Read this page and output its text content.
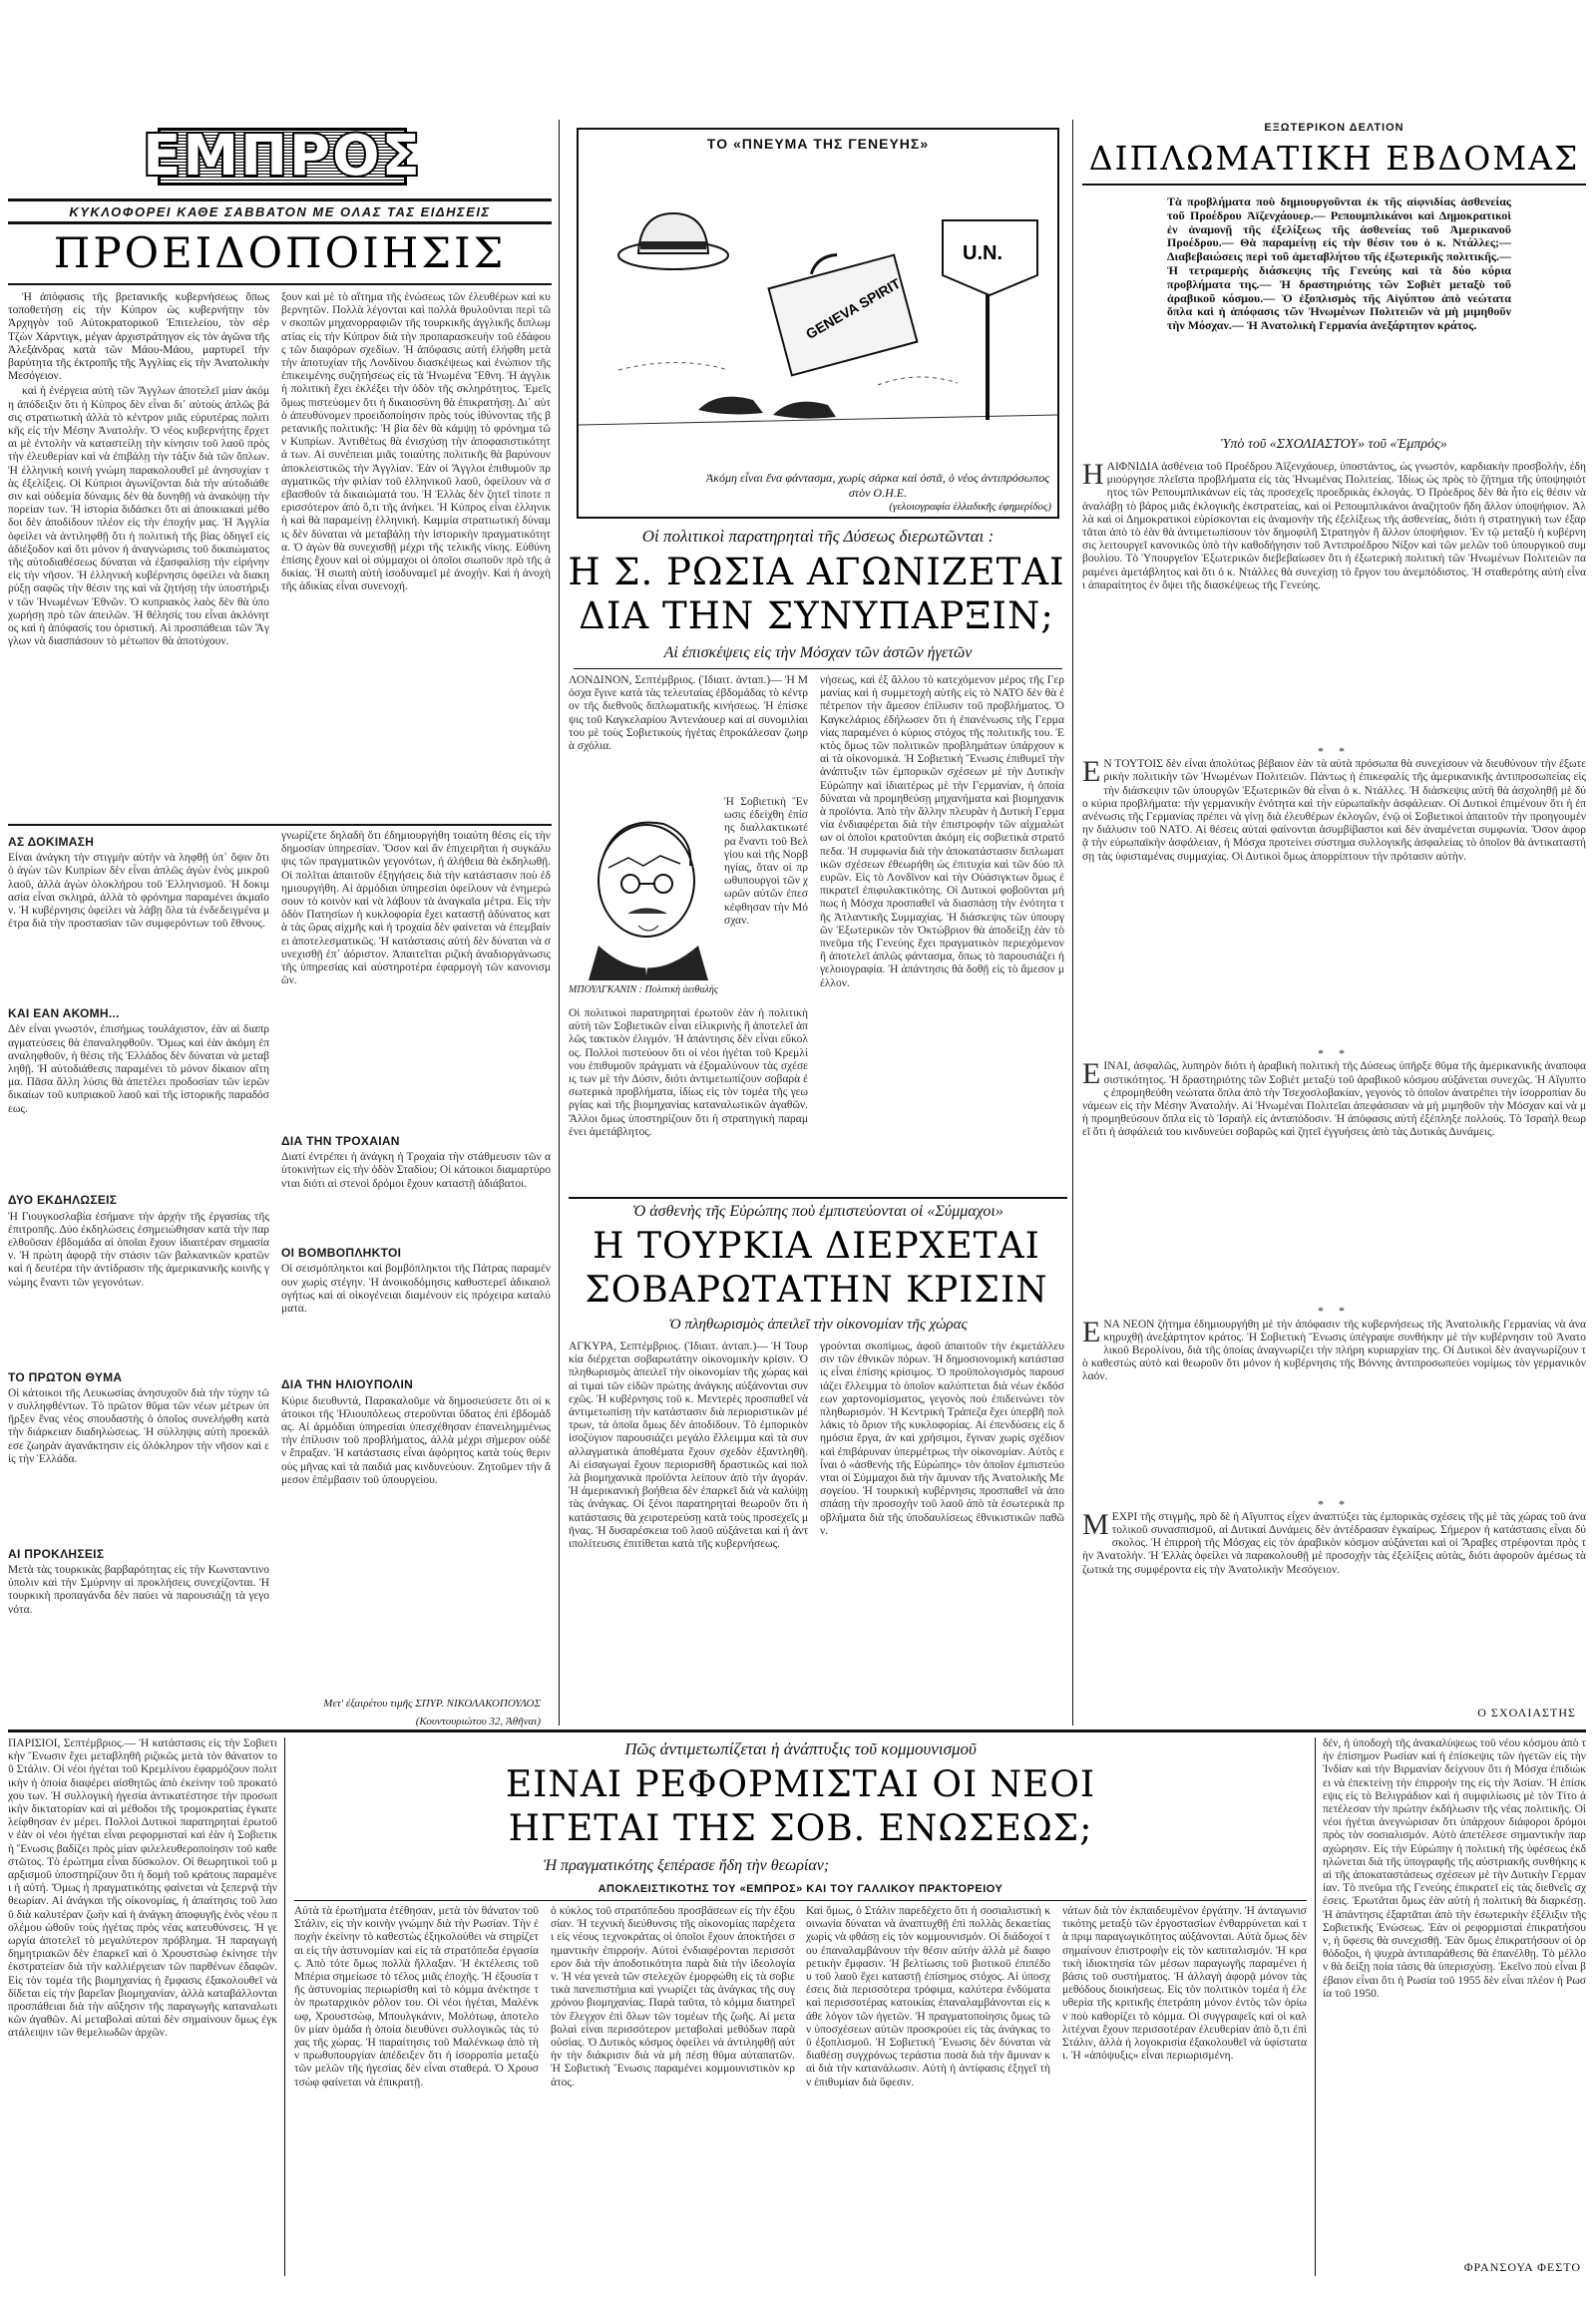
ΕΜΠΡΟΣ
ΚΥΚΛΟΦΟΡΕΙ ΚΑΘΕ ΣΑΒΒΑΤΟΝ ΜΕ ΟΛΑΣ ΤΑΣ ΕΙΔΗΣΕΙΣ
ΠΡΟΕΙΔΟΠΟΙΗΣΙΣ

Ἡ ἀπόφασις τῆς βρετανικῆς κυβερνήσεως ὅπως τοποθετήσῃ εἰς τὴν Κύπρον ὡς κυβερνήτην τὸν Ἀρχηγὸν τοῦ Αὐτοκρατορικοῦ Ἐπιτελείου, τὸν σὲρ Τζὼν Χάρντιγκ, μέγαν ἀρχιστράτηγον εἰς τὸν ἀγῶνα τῆς Ἀλεξάνδρας κατὰ τῶν Μάου-Μάου, μαρτυρεῖ τὴν βαρύτητα τῆς ἐκτροπῆς τῆς Ἀγγλίας εἰς τὴν Ἀνατολικὴν Μεσόγειον.

καὶ ἡ ἐνέργεια αὐτὴ τῶν Ἄγγλων ἀποτελεῖ μίαν ἀκόμη ἀπόδειξιν ὅτι ἡ Κύπρος δὲν εἶναι δι᾽ αὐτοὺς ἁπλῶς βάσις στρατιωτικὴ ἀλλὰ τὸ κέντρον μιᾶς εὐρυτέρας πολιτικῆς εἰς τὴν Μέσην Ἀνατολήν. Ὁ νέος κυβερνήτης ἔρχεται μὲ ἐντολὴν νὰ καταστείλῃ τὴν κίνησιν τοῦ λαοῦ πρὸς τὴν ἐλευθερίαν καὶ νὰ ἐπιβάλῃ τὴν τάξιν διὰ τῶν ὅπλων. Ἡ ἑλληνικὴ κοινὴ γνώμη παρακολουθεῖ μὲ ἀνησυχίαν τὰς ἐξελίξεις. Οἱ Κύπριοι ἀγωνίζονται διὰ τὴν αὐτοδιάθεσιν καὶ οὐδεμία δύναμις δὲν θὰ δυνηθῇ νὰ ἀνακόψῃ τὴν πορείαν των. Ἡ ἱστορία διδάσκει ὅτι αἱ ἀποικιακαὶ μέθοδοι δὲν ἀποδίδουν πλέον εἰς τὴν ἐποχήν μας. Ἡ Ἀγγλία ὀφείλει νὰ ἀντιληφθῇ ὅτι ἡ πολιτικὴ τῆς βίας ὁδηγεῖ εἰς ἀδιέξοδον καὶ ὅτι μόνον ἡ ἀναγνώρισις τοῦ δικαιώματος τῆς αὐτοδιαθέσεως δύναται νὰ ἐξασφαλίσῃ τὴν εἰρήνην εἰς τὴν νῆσον. Ἡ ἑλληνικὴ κυβέρνησις ὀφείλει νὰ διακηρύξῃ σαφῶς τὴν θέσιν της καὶ νὰ ζητήσῃ τὴν ὑποστήριξιν τῶν Ἡνωμένων Ἐθνῶν. Ὁ κυπριακὸς λαὸς δὲν θὰ ὑποχωρήσῃ πρὸ τῶν ἀπειλῶν. Ἡ θέλησίς του εἶναι ἀκλόνητος καὶ ἡ ἀπόφασίς του ὁριστική. Αἱ προσπάθειαι τῶν Ἄγγλων νὰ διασπάσουν τὸ μέτωπον θὰ ἀποτύχουν.
ξουν καὶ μὲ τὸ αἴτημα τῆς ἑνώσεως τῶν ἐλευθέρων καὶ κυβερνητῶν. Πολλὰ λέγονται καὶ πολλὰ θρυλοῦνται περὶ τῶν σκοπῶν μηχανορραφιῶν τῆς τουρκικῆς ἀγγλικῆς διπλωματίας εἰς τὴν Κύπρον διὰ τὴν προπαρασκευὴν τοῦ ἐδάφους τῶν διαφόρων σχεδίων. Ἡ ἀπόφασις αὐτὴ ἐλήφθη μετὰ τὴν ἀποτυχίαν τῆς Λονδίνου διασκέψεως καὶ ἐνώπιον τῆς ἐπικειμένης συζητήσεως εἰς τὰ Ἡνωμένα Ἔθνη. Ἡ ἀγγλικὴ πολιτικὴ ἔχει ἐκλέξει τὴν ὁδὸν τῆς σκληρότητος. Ἐμεῖς ὅμως πιστεύομεν ὅτι ἡ δικαιοσύνη θὰ ἐπικρατήσῃ. Δι᾽ αὐτὸ ἀπευθύνομεν προειδοποίησιν πρὸς τοὺς ἰθύνοντας τῆς βρετανικῆς πολιτικῆς: Ἡ βία δὲν θὰ κάμψῃ τὸ φρόνημα τῶν Κυπρίων. Ἀντιθέτως θὰ ἐνισχύσῃ τὴν ἀποφασιστικότητά των. Αἱ συνέπειαι μιᾶς τοιαύτης πολιτικῆς θὰ βαρύνουν ἀποκλειστικῶς τὴν Ἀγγλίαν. Ἐὰν οἱ Ἄγγλοι ἐπιθυμοῦν πραγματικῶς τὴν φιλίαν τοῦ ἑλληνικοῦ λαοῦ, ὀφείλουν νὰ σεβασθοῦν τὰ δικαιώματά του. Ἡ Ἑλλὰς δὲν ζητεῖ τίποτε περισσότερον ἀπὸ ὅ,τι τῆς ἀνήκει. Ἡ Κύπρος εἶναι ἑλληνικὴ καὶ θὰ παραμείνῃ ἑλληνική. Καμμία στρατιωτικὴ δύναμις δὲν δύναται νὰ μεταβάλῃ τὴν ἱστορικὴν πραγματικότητα. Ὁ ἀγὼν θὰ συνεχισθῇ μέχρι τῆς τελικῆς νίκης. Εὐθύνη ἐπίσης ἔχουν καὶ οἱ σύμμαχοι οἱ ὁποῖοι σιωποῦν πρὸ τῆς ἀδικίας. Ἡ σιωπὴ αὐτὴ ἰσοδυναμεῖ μὲ ἀνοχήν. Καὶ ἡ ἀνοχὴ τῆς ἀδικίας εἶναι συνενοχή.
ΑΣ ΔΟΚΙΜΑΣΗ
Εἶναι ἀνάγκη τὴν στιγμὴν αὐτὴν νὰ ληφθῇ ὑπ᾽ ὄψιν ὅτι ὁ ἀγὼν τῶν Κυπρίων δὲν εἶναι ἁπλῶς ἀγὼν ἑνὸς μικροῦ λαοῦ, ἀλλὰ ἀγὼν ὁλοκλήρου τοῦ Ἑλληνισμοῦ. Ἡ δοκιμασία εἶναι σκληρά, ἀλλὰ τὸ φρόνημα παραμένει ἀκμαῖον. Ἡ κυβέρνησις ὀφείλει νὰ λάβῃ ὅλα τὰ ἐνδεδειγμένα μέτρα διὰ τὴν προστασίαν τῶν συμφερόντων τοῦ ἔθνους.
ΚΑΙ ΕΑΝ ΑΚΟΜΗ...
Δὲν εἶναι γνωστόν, ἐπισήμως τουλάχιστον, ἐὰν αἱ διαπραγματεύσεις θὰ ἐπαναληφθοῦν. Ὅμως καὶ ἐὰν ἀκόμη ἐπαναληφθοῦν, ἡ θέσις τῆς Ἑλλάδος δὲν δύναται νὰ μεταβληθῇ. Ἡ αὐτοδιάθεσις παραμένει τὸ μόνον δίκαιον αἴτημα. Πᾶσα ἄλλη λύσις θὰ ἀπετέλει προδοσίαν τῶν ἱερῶν δικαίων τοῦ κυπριακοῦ λαοῦ καὶ τῆς ἱστορικῆς παραδόσεως.
ΔΥΟ ΕΚΔΗΛΩΣΕΙΣ
Ἡ Γιουγκοσλαβία ἐσήμανε τὴν ἀρχὴν τῆς ἐργασίας τῆς ἐπιτροπῆς. Δύο ἐκδηλώσεις ἐσημειώθησαν κατὰ τὴν παρελθοῦσαν ἑβδομάδα αἱ ὁποῖαι ἔχουν ἰδιαιτέραν σημασίαν. Ἡ πρώτη ἀφορᾷ τὴν στάσιν τῶν βαλκανικῶν κρατῶν καὶ ἡ δευτέρα τὴν ἀντίδρασιν τῆς ἀμερικανικῆς κοινῆς γνώμης ἔναντι τῶν γεγονότων.
ΤΟ ΠΡΩΤΟΝ ΘΥΜΑ
Οἱ κάτοικοι τῆς Λευκωσίας ἀνησυχοῦν διὰ τὴν τύχην τῶν συλληφθέντων. Τὸ πρῶτον θῦμα τῶν νέων μέτρων ὑπῆρξεν ἕνας νέος σπουδαστὴς ὁ ὁποῖος συνελήφθη κατὰ τὴν διάρκειαν διαδηλώσεως. Ἡ σύλληψις αὐτὴ προεκάλεσε ζωηρὰν ἀγανάκτησιν εἰς ὁλόκληρον τὴν νῆσον καὶ εἰς τὴν Ἑλλάδα.
ΑΙ ΠΡΟΚΛΗΣΕΙΣ
Μετὰ τὰς τουρκικὰς βαρβαρότητας εἰς τὴν Κωνσταντινούπολιν καὶ τὴν Σμύρνην αἱ προκλήσεις συνεχίζονται. Ἡ τουρκικὴ προπαγάνδα δὲν παύει νὰ παρουσιάζῃ τὰ γεγονότα.
γνωρίζετε δηλαδὴ ὅτι ἐδημιουργήθη τοιαύτη θέσις εἰς τὴν δημοσίαν ὑπηρεσίαν. Ὅσον καὶ ἂν ἐπιχειρῆται ἡ συγκάλυψις τῶν πραγματικῶν γεγονότων, ἡ ἀλήθεια θὰ ἐκδηλωθῇ. Οἱ πολῖται ἀπαιτοῦν ἐξηγήσεις διὰ τὴν κατάστασιν ποὺ ἐδημιουργήθη. Αἱ ἁρμόδιαι ὑπηρεσίαι ὀφείλουν νὰ ἐνημερώσουν τὸ κοινὸν καὶ νὰ λάβουν τὰ ἀναγκαῖα μέτρα. Εἰς τὴν ὁδὸν Πατησίων ἡ κυκλοφορία ἔχει καταστῇ ἀδύνατος κατὰ τὰς ὥρας αἰχμῆς καὶ ἡ τροχαία δὲν φαίνεται νὰ ἐπεμβαίνει ἀποτελεσματικῶς. Ἡ κατάστασις αὐτὴ δὲν δύναται νὰ συνεχισθῇ ἐπ᾽ ἀόριστον. Ἀπαιτεῖται ριζικὴ ἀναδιοργάνωσις τῆς ὑπηρεσίας καὶ αὐστηροτέρα ἐφαρμογὴ τῶν κανονισμῶν.
ΔΙΑ ΤΗΝ ΤΡΟΧΑΙΑΝ
Διατί ἐντρέπει ἡ ἀνάγκη ἡ Τροχαία τὴν στάθμευσιν τῶν αὐτοκινήτων εἰς τὴν ὁδὸν Σταδίου; Οἱ κάτοικοι διαμαρτύρονται διότι αἱ στενοὶ δρόμοι ἔχουν καταστῇ ἀδιάβατοι.
ΟΙ ΒΟΜΒΟΠΛΗΚΤΟΙ
Οἱ σεισμόπληκτοι καὶ βομβόπληκτοι τῆς Πάτρας παραμένουν χωρὶς στέγην. Ἡ ἀνοικοδόμησις καθυστερεῖ ἀδικαιολογήτως καὶ αἱ οἰκογένειαι διαμένουν εἰς πρόχειρα καταλύματα.
ΔΙΑ ΤΗΝ ΗΛΙΟΥΠΟΛΙΝ
Κύριε διευθυντά, Παρακαλοῦμε νὰ δημοσιεύσετε ὅτι οἱ κάτοικοι τῆς Ἡλιουπόλεως στεροῦνται ὕδατος ἐπὶ ἑβδομάδας. Αἱ ἁρμόδιαι ὑπηρεσίαι ὑπεσχέθησαν ἐπανειλημμένως τὴν ἐπίλυσιν τοῦ προβλήματος, ἀλλὰ μέχρι σήμερον οὐδὲν ἔπραξαν. Ἡ κατάστασις εἶναι ἀφόρητος κατὰ τοὺς θερινοὺς μῆνας καὶ τὰ παιδιά μας κινδυνεύουν. Ζητοῦμεν τὴν ἄμεσον ἐπέμβασιν τοῦ ὑπουργείου.
Μετ' ἐξαιρέτου τιμῆς ΣΠΥΡ. ΝΙΚΟΛΑΚΟΠΟΥΛΟΣ
(Κουντουριώτου 32, Ἀθῆναι)
ΤΟ «ΠΝΕΥΜΑ ΤΗΣ ΓΕΝΕΥΗΣ»
GENEVA SPIRIT
U.N.
Ἀκόμη εἶναι ἕνα φάντασμα, χωρὶς σάρκα καὶ ὀστᾶ, ὁ νέος ἀντιπρόσωπος στὸν Ο.Η.Ε.
(γελοιογραφία ἑλλαδικῆς ἐφημερίδος)
Οἱ πολιτικοὶ παρατηρηταὶ τῆς Δύσεως διερωτῶνται :
Η Σ. ΡΩΣΙΑ ΑΓΩΝΙΖΕΤΑΙ
ΔΙΑ ΤΗΝ ΣΥΝΥΠΑΡΞΙΝ;
Αἱ ἐπισκέψεις εἰς τὴν Μόσχαν τῶν ἀστῶν ἡγετῶν
ΛΟΝΔΙΝΟΝ, Σεπτέμβριος. (Ἰδιαιτ. ἀνταπ.)— Ἡ Μόσχα ἔγινε κατὰ τὰς τελευταίας ἑβδομάδας τὸ κέντρον τῆς διεθνοῦς διπλωματικῆς κινήσεως. Ἡ ἐπίσκεψις τοῦ Καγκελαρίου Ἀντενάουερ καὶ αἱ συνομιλίαι του μὲ τοὺς Σοβιετικοὺς ἡγέτας ἐπροκάλεσαν ζωηρὰ σχόλια.
ΜΠΟΥΛΓΚΑΝΙΝ : Πολιτικὴ ἀειθαλὴς
Ἡ Σοβιετικὴ Ἕνωσις ἐδείχθη ἐπίσης διαλλακτικωτέρα ἔναντι τοῦ Βελγίου καὶ τῆς Νορβηγίας, ὅταν οἱ πρωθυπουργοὶ τῶν χωρῶν αὐτῶν ἐπεσκέφθησαν τὴν Μόσχαν.
Οἱ πολιτικοὶ παρατηρηταὶ ἐρωτοῦν ἐὰν ἡ πολιτικὴ αὐτὴ τῶν Σοβιετικῶν εἶναι εἰλικρινὴς ἢ ἀποτελεῖ ἁπλῶς τακτικὸν ἐλιγμόν. Ἡ ἀπάντησις δὲν εἶναι εὔκολος. Πολλοὶ πιστεύουν ὅτι οἱ νέοι ἡγέται τοῦ Κρεμλίνου ἐπιθυμοῦν πράγματι νὰ ἐξομαλύνουν τὰς σχέσεις των μὲ τὴν Δύσιν, διότι ἀντιμετωπίζουν σοβαρὰ ἐσωτερικὰ προβλήματα, ἰδίως εἰς τὸν τομέα τῆς γεωργίας καὶ τῆς βιομηχανίας καταναλωτικῶν ἀγαθῶν. Ἄλλοι ὅμως ὑποστηρίζουν ὅτι ἡ στρατηγικὴ παραμένει ἀμετάβλητος.
νήσεως, καὶ ἐξ ἄλλου τὸ κατεχόμενον μέρος τῆς Γερμανίας καὶ ἡ συμμετοχὴ αὐτῆς εἰς τὸ ΝΑΤΟ δὲν θὰ ἐπέτρεπον τὴν ἄμεσον ἐπίλυσιν τοῦ προβλήματος. Ὁ Καγκελάριος ἐδήλωσεν ὅτι ἡ ἐπανένωσις τῆς Γερμανίας παραμένει ὁ κύριος στόχος τῆς πολιτικῆς του. Ἐκτὸς ὅμως τῶν πολιτικῶν προβλημάτων ὑπάρχουν καὶ τὰ οἰκονομικά. Ἡ Σοβιετικὴ Ἕνωσις ἐπιθυμεῖ τὴν ἀνάπτυξιν τῶν ἐμπορικῶν σχέσεων μὲ τὴν Δυτικὴν Εὐρώπην καὶ ἰδιαιτέρως μὲ τὴν Γερμανίαν, ἡ ὁποία δύναται νὰ προμηθεύσῃ μηχανήματα καὶ βιομηχανικὰ προϊόντα. Ἀπὸ τὴν ἄλλην πλευρὰν ἡ Δυτικὴ Γερμανία ἐνδιαφέρεται διὰ τὴν ἐπιστροφὴν τῶν αἰχμαλώτων οἱ ὁποῖοι κρατοῦνται ἀκόμη εἰς σοβιετικὰ στρατόπεδα. Ἡ συμφωνία διὰ τὴν ἀποκατάστασιν διπλωματικῶν σχέσεων ἐθεωρήθη ὡς ἐπιτυχία καὶ τῶν δύο πλευρῶν. Εἰς τὸ Λονδῖνον καὶ τὴν Οὐάσιγκτων ὅμως ἐπικρατεῖ ἐπιφυλακτικότης. Οἱ Δυτικοὶ φοβοῦνται μήπως ἡ Μόσχα προσπαθεῖ νὰ διασπάσῃ τὴν ἑνότητα τῆς Ἀτλαντικῆς Συμμαχίας. Ἡ διάσκεψις τῶν ὑπουργῶν Ἐξωτερικῶν τὸν Ὀκτώβριον θὰ ἀποδείξῃ ἐὰν τὸ πνεῦμα τῆς Γενεύης ἔχει πραγματικὸν περιεχόμενον ἢ ἀποτελεῖ ἁπλῶς φάντασμα, ὅπως τὸ παρουσιάζει ἡ γελοιογραφία. Ἡ ἀπάντησις θὰ δοθῇ εἰς τὸ ἄμεσον μέλλον.
Ὁ ἀσθενὴς τῆς Εὐρώπης ποὺ ἐμπιστεύονται οἱ «Σύμμαχοι»
Η ΤΟΥΡΚΙΑ ΔΙΕΡΧΕΤΑΙ
ΣΟΒΑΡΩΤΑΤΗΝ ΚΡΙΣΙΝ
Ὁ πληθωρισμὸς ἀπειλεῖ τὴν οἰκονομίαν τῆς χώρας
ΑΓΚΥΡΑ, Σεπτέμβριος. (Ἰδιαιτ. ἀνταπ.)— Ἡ Τουρκία διέρχεται σοβαρωτάτην οἰκονομικὴν κρίσιν. Ὁ πληθωρισμὸς ἀπειλεῖ τὴν οἰκονομίαν τῆς χώρας καὶ αἱ τιμαὶ τῶν εἰδῶν πρώτης ἀνάγκης αὐξάνονται συνεχῶς. Ἡ κυβέρνησις τοῦ κ. Μεντερὲς προσπαθεῖ νὰ ἀντιμετωπίσῃ τὴν κατάστασιν διὰ περιοριστικῶν μέτρων, τὰ ὁποῖα ὅμως δὲν ἀποδίδουν. Τὸ ἐμπορικὸν ἰσοζύγιον παρουσιάζει μεγάλο ἔλλειμμα καὶ τὰ συναλλαγματικὰ ἀποθέματα ἔχουν σχεδὸν ἐξαντληθῆ. Αἱ εἰσαγωγαὶ ἔχουν περιορισθῆ δραστικῶς καὶ πολλὰ βιομηχανικὰ προϊόντα λείπουν ἀπὸ τὴν ἀγοράν. Ἡ ἀμερικανικὴ βοήθεια δὲν ἐπαρκεῖ διὰ νὰ καλύψῃ τὰς ἀνάγκας. Οἱ ξένοι παρατηρηταὶ θεωροῦν ὅτι ἡ κατάστασις θὰ χειροτερεύσῃ κατὰ τοὺς προσεχεῖς μῆνας. Ἡ δυσαρέσκεια τοῦ λαοῦ αὐξάνεται καὶ ἡ ἀντιπολίτευσις ἐπιτίθεται κατὰ τῆς κυβερνήσεως.
γρούνται σκοπίμως, ἀφοῦ ἀπαιτοῦν τὴν ἐκμετάλλευσιν τῶν ἐθνικῶν πόρων. Ἡ δημοσιονομικὴ κατάστασις εἶναι ἐπίσης κρίσιμος. Ὁ προϋπολογισμὸς παρουσιάζει ἔλλειμμα τὸ ὁποῖον καλύπτεται διὰ νέων ἐκδόσεων χαρτονομίσματος, γεγονὸς ποὺ ἐπιδεινώνει τὸν πληθωρισμόν. Ἡ Κεντρικὴ Τράπεζα ἔχει ὑπερβῆ πολλάκις τὸ ὅριον τῆς κυκλοφορίας. Αἱ ἐπενδύσεις εἰς δημόσια ἔργα, ἀν καὶ χρήσιμοι, ἔγιναν χωρὶς σχέδιον καὶ ἐπιβάρυναν ὑπερμέτρως τὴν οἰκονομίαν. Αὐτὸς εἶναι ὁ «ἀσθενὴς τῆς Εὐρώπης» τὸν ὁποῖον ἐμπιστεύονται οἱ Σύμμαχοι διὰ τὴν ἄμυναν τῆς Ἀνατολικῆς Μεσογείου. Ἡ τουρκικὴ κυβέρνησις προσπαθεῖ νὰ ἀποσπάσῃ τὴν προσοχὴν τοῦ λαοῦ ἀπὸ τὰ ἐσωτερικὰ προβλήματα διὰ τῆς ὑποδαυλίσεως ἐθνικιστικῶν παθῶν.
ΕΞΩΤΕΡΙΚΟΝ ΔΕΛΤΙΟΝ
ΔΙΠΛΩΜΑΤΙΚΗ ΕΒΔΟΜΑΣ
Τὰ προβλήματα ποὺ δημιουργοῦνται ἐκ τῆς αἰφνιδίας ἀσθενείας τοῦ Προέδρου Ἀϊζενχάουερ.— Ρεπουμπλικάνοι καὶ Δημοκρατικοὶ ἐν ἀναμονῇ τῆς ἐξελίξεως τῆς ἀσθενείας τοῦ Ἀμερικανοῦ Προέδρου.— Θὰ παραμείνῃ εἰς τὴν θέσιν του ὁ κ. Ντάλλες;— Διαβεβαιώσεις περὶ τοῦ ἀμεταβλήτου τῆς ἐξωτερικῆς πολιτικῆς.— Ἡ τετραμερὴς διάσκεψις τῆς Γενεύης καὶ τὰ δύο κύρια προβλήματα της.— Ἡ δραστηριότης τῶν Σοβιὲτ μεταξὺ τοῦ ἀραβικοῦ κόσμου.— Ὁ ἐξοπλισμὸς τῆς Αἰγύπτου ἀπὸ νεώτατα ὅπλα καὶ ἡ ἀπόφασις τῶν Ἡνωμένων Πολιτειῶν νὰ μὴ μιμηθοῦν τὴν Μόσχαν.— Ἡ Ἀνατολικὴ Γερμανία ἀνεξάρτητον κράτος.
Ὑπὸ τοῦ «ΣΧΟΛΙΑΣΤΟΥ» τοῦ «Ἐμπρός»
Η ΑΙΦΝΙΔΙΑ ἀσθένεια τοῦ Προέδρου Ἀϊζενχάουερ, ὑποστάντος, ὡς γνωστόν, καρδιακὴν προσβολήν, ἐδημιούργησε πλεῖστα προβλήματα εἰς τὰς Ἡνωμένας Πολιτείας. Ἰδίως ὡς πρὸς τὸ ζήτημα τῆς ὑποψηφιότητος τῶν Ρεπουμπλικάνων εἰς τὰς προσεχεῖς προεδρικὰς ἐκλογάς. Ὁ Πρόεδρος δὲν θὰ ἦτο εἰς θέσιν νὰ ἀναλάβῃ τὸ βάρος μιᾶς ἐκλογικῆς ἐκστρατείας, καὶ οἱ Ρεπουμπλικάνοι ἀναζητοῦν ἤδη ἄλλον ὑποψήφιον. Ἀλλὰ καὶ οἱ Δημοκρατικοὶ εὑρίσκονται εἰς ἀναμονὴν τῆς ἐξελίξεως τῆς ἀσθενείας, διότι ἡ στρατηγική των ἐξαρτᾶται ἀπὸ τὸ ἐὰν θὰ ἀντιμετωπίσουν τὸν δημοφιλῆ Στρατηγὸν ἢ ἄλλον ὑποψήφιον. Ἐν τῷ μεταξὺ ἡ κυβέρνησις λειτουργεῖ κανονικῶς ὑπὸ τὴν καθοδήγησιν τοῦ Ἀντιπροέδρου Νίξον καὶ τῶν μελῶν τοῦ ὑπουργικοῦ συμβουλίου. Τὸ Ὑπουργεῖον Ἐξωτερικῶν διεβεβαίωσεν ὅτι ἡ ἐξωτερικὴ πολιτικὴ τῶν Ἡνωμένων Πολιτειῶν παραμένει ἀμετάβλητος καὶ ὅτι ὁ κ. Ντάλλες θὰ συνεχίσῃ τὸ ἔργον του ἀνεμπόδιστος. Ἡ σταθερότης αὐτὴ εἶναι ἀπαραίτητος ἐν ὄψει τῆς διασκέψεως τῆς Γενεύης.
* *
Ε Ν ΤΟΥΤΟΙΣ δὲν εἶναι ἀπολύτως βέβαιον ἐὰν τὰ αὐτὰ πρόσωπα θὰ συνεχίσουν νὰ διευθύνουν τὴν ἐξωτερικὴν πολιτικὴν τῶν Ἡνωμένων Πολιτειῶν. Πάντως ἡ ἐπικεφαλίς τῆς ἀμερικανικῆς ἀντιπροσωπείας εἰς τὴν διάσκεψιν τῶν ὑπουργῶν Ἐξωτερικῶν θὰ εἶναι ὁ κ. Ντάλλες. Ἡ διάσκεψις αὐτὴ θὰ ἀσχοληθῇ μὲ δύο κύρια προβλήματα: τὴν γερμανικὴν ἑνότητα καὶ τὴν εὐρωπαϊκὴν ἀσφάλειαν. Οἱ Δυτικοὶ ἐπιμένουν ὅτι ἡ ἐπανένωσις τῆς Γερμανίας πρέπει νὰ γίνῃ διὰ ἐλευθέρων ἐκλογῶν, ἐνῷ οἱ Σοβιετικοὶ ἀπαιτοῦν τὴν προηγουμένην διάλυσιν τοῦ ΝΑΤΟ. Αἱ θέσεις αὐταὶ φαίνονται ἀσυμβίβαστοι καὶ δὲν ἀναμένεται συμφωνία. Ὅσον ἀφορᾷ τὴν εὐρωπαϊκὴν ἀσφάλειαν, ἡ Μόσχα προτείνει σύστημα συλλογικῆς ἀσφαλείας τὸ ὁποῖον θὰ ἀντικαταστήσῃ τὰς ὑφισταμένας συμμαχίας. Οἱ Δυτικοὶ ὅμως ἀπορρίπτουν τὴν πρότασιν αὐτὴν.
* *
ΕΙΝΑΙ, ἀσφαλῶς, λυπηρὸν διότι ἡ ἀραβικὴ πολιτικὴ τῆς Δύσεως ὑπῆρξε θῦμα τῆς ἀμερικανικῆς ἀναποφασιστικότητος. Ἡ δραστηριότης τῶν Σοβιὲτ μεταξὺ τοῦ ἀραβικοῦ κόσμου αὐξάνεται συνεχῶς. Ἡ Αἴγυπτος ἐπρομηθεύθη νεώτατα ὅπλα ἀπὸ τὴν Τσεχοσλοβακίαν, γεγονὸς τὸ ὁποῖον ἀνατρέπει τὴν ἰσορροπίαν δυνάμεων εἰς τὴν Μέσην Ἀνατολήν. Αἱ Ἡνωμέναι Πολιτεῖαι ἀπεφάσισαν νὰ μὴ μιμηθοῦν τὴν Μόσχαν καὶ νὰ μὴ προμηθεύσουν ὅπλα εἰς τὸ Ἰσραὴλ εἰς ἀνταπόδοσιν. Ἡ ἀπόφασις αὐτὴ ἐξέπληξε πολλούς. Τὸ Ἰσραὴλ θεωρεῖ ὅτι ἡ ἀσφάλειά του κινδυνεύει σοβαρῶς καὶ ζητεῖ ἐγγυήσεις ἀπὸ τὰς Δυτικὰς Δυνάμεις.
* *
ΕΝΑ ΝΕΟΝ ζήτημα ἐδημιουργήθη μὲ τὴν ἀπόφασιν τῆς κυβερνήσεως τῆς Ἀνατολικῆς Γερμανίας νὰ ἀνακηρυχθῇ ἀνεξάρτητον κράτος. Ἡ Σοβιετικὴ Ἕνωσις ὑπέγραψε συνθήκην μὲ τὴν κυβέρνησιν τοῦ Ἀνατολικοῦ Βερολίνου, διὰ τῆς ὁποίας ἀναγνωρίζει τὴν πλήρη κυριαρχίαν της. Οἱ Δυτικοὶ δὲν ἀναγνωρίζουν τὸ καθεστὼς αὐτὸ καὶ θεωροῦν ὅτι μόνον ἡ κυβέρνησις τῆς Βόννης ἀντιπροσωπεύει νομίμως τὸν γερμανικὸν λαόν.
* *
ΜΕΧΡΙ τῆς στιγμῆς, πρὸ δὲ ἡ Αἴγυπτος εἶχεν ἀναπτύξει τὰς ἐμπορικὰς σχέσεις τῆς μὲ τὰς χώρας τοῦ ἀνατολικοῦ συνασπισμοῦ, αἱ Δυτικαὶ Δυνάμεις δὲν ἀντέδρασαν ἐγκαίρως. Σήμερον ἡ κατάστασις εἶναι δύσκολος. Ἡ ἐπιρροὴ τῆς Μόσχας εἰς τὸν ἀραβικὸν κόσμον αὐξάνεται καὶ οἱ Ἄραβες στρέφονται πρὸς τὴν Ἀνατολήν. Ἡ Ἑλλὰς ὀφείλει νὰ παρακολουθῇ μὲ προσοχὴν τὰς ἐξελίξεις αὐτὰς, διότι ἀφοροῦν ἀμέσως τὰ ζωτικά της συμφέροντα εἰς τὴν Ἀνατολικὴν Μεσόγειον.
Ο ΣΧΟΛΙΑΣΤΗΣ
ΠΑΡΙΣΙΟΙ, Σεπτέμβριος.— Ἡ κατάστασις εἰς τὴν Σοβιετικὴν Ἕνωσιν ἔχει μεταβληθῆ ριζικῶς μετὰ τὸν θάνατον τοῦ Στάλιν. Οἱ νέοι ἡγέται τοῦ Κρεμλίνου ἐφαρμόζουν πολιτικὴν ἡ ὁποία διαφέρει αἰσθητῶς ἀπὸ ἐκείνην τοῦ προκατόχου των. Ἡ συλλογικὴ ἡγεσία ἀντικατέστησε τὴν προσωπικὴν δικτατορίαν καὶ αἱ μέθοδοι τῆς τρομοκρατίας ἐγκατελείφθησαν ἐν μέρει. Πολλοὶ Δυτικοὶ παρατηρηταὶ ἐρωτοῦν ἐὰν οἱ νέοι ἡγέται εἶναι ρεφορμισταὶ καὶ ἐὰν ἡ Σοβιετικὴ Ἕνωσις βαδίζει πρὸς μίαν φιλελευθεροποίησιν τοῦ καθεστῶτος. Τὸ ἐρώτημα εἶναι δύσκολον. Οἱ θεωρητικοὶ τοῦ μαρξισμοῦ ὑποστηρίζουν ὅτι ἡ δομὴ τοῦ κράτους παραμένει ἡ αὐτή. Ὅμως ἡ πραγματικότης φαίνεται νὰ ξεπερνᾷ τὴν θεωρίαν. Αἱ ἀνάγκαι τῆς οἰκονομίας, ἡ ἀπαίτησις τοῦ λαοῦ διὰ καλυτέραν ζωὴν καὶ ἡ ἀνάγκη ἀποφυγῆς ἑνὸς νέου πολέμου ὠθοῦν τοὺς ἡγέτας πρὸς νέας κατευθύνσεις. Ἡ γεωργία ἀποτελεῖ τὸ μεγαλύτερον πρόβλημα. Ἡ παραγωγὴ δημητριακῶν δὲν ἐπαρκεῖ καὶ ὁ Χρουστσὼφ ἐκίνησε τὴν ἐκστρατείαν διὰ τὴν καλλιέργειαν τῶν παρθένων ἐδαφῶν. Εἰς τὸν τομέα τῆς βιομηχανίας ἡ ἔμφασις ἐξακολουθεῖ νὰ δίδεται εἰς τὴν βαρεῖαν βιομηχανίαν, ἀλλὰ καταβάλλονται προσπάθειαι διὰ τὴν αὔξησιν τῆς παραγωγῆς καταναλωτικῶν ἀγαθῶν. Αἱ μεταβολαὶ αὐταὶ δὲν σημαίνουν ὅμως ἐγκατάλειψιν τῶν θεμελιωδῶν ἀρχῶν.
Πῶς ἀντιμετωπίζεται ἡ ἀνάπτυξις τοῦ κομμουνισμοῦ
ΕΙΝΑΙ ΡΕΦΟΡΜΙΣΤΑΙ ΟΙ ΝΕΟΙ
ΗΓΕΤΑΙ ΤΗΣ ΣΟΒ. ΕΝΩΣΕΩΣ;
Ἡ πραγματικότης ξεπέρασε ἤδη τὴν θεωρίαν;
ΑΠΟΚΛΕΙΣΤΙΚΟΤΗΣ ΤΟΥ «ΕΜΠΡΟΣ» ΚΑΙ ΤΟΥ ΓΑΛΛΙΚΟΥ ΠΡΑΚΤΟΡΕΙΟΥ
Αὐτὰ τὰ ἐρωτήματα ἐτέθησαν, μετὰ τὸν θάνατον τοῦ Στάλιν, εἰς τὴν κοινὴν γνώμην διὰ τὴν Ρωσίαν. Τὴν ἐποχὴν ἐκείνην τὸ καθεστὼς ἐξηκολούθει νὰ στηρίζεται εἰς τὴν ἀστυνομίαν καὶ εἰς τὰ στρατόπεδα ἐργασίας. Ἀπὸ τότε ὅμως πολλὰ ἤλλαξαν. Ἡ ἐκτέλεσις τοῦ Μπέρια σημείωσε τὸ τέλος μιᾶς ἐποχῆς. Ἡ ἐξουσία τῆς ἀστυνομίας περιωρίσθη καὶ τὸ κόμμα ἀνέκτησε τὸν πρωταρχικὸν ρόλον του. Οἱ νέοι ἡγέται, Μαλένκωφ, Χρουστσὼφ, Μπουλγκάνιν, Μολότωφ, ἀποτελοῦν μίαν ὁμάδα ἡ ὁποία διευθύνει συλλογικῶς τὰς τύχας τῆς χώρας. Ἡ παραίτησις τοῦ Μαλένκωφ ἀπὸ τὴν πρωθυπουργίαν ἀπέδειξεν ὅτι ἡ ἰσορροπία μεταξὺ τῶν μελῶν τῆς ἡγεσίας δὲν εἶναι σταθερά. Ὁ Χρουστσὼφ φαίνεται νὰ ἐπικρατῇ.
ὁ κύκλος τοῦ στρατόπεδου προσβάσεων εἰς τὴν ἐξουσίαν. Ἡ τεχνικὴ διεύθυνσις τῆς οἰκονομίας παρέχεται εἰς νέους τεχνοκράτας οἱ ὁποῖοι ἔχουν ἀποκτήσει σημαντικὴν ἐπιρροήν. Αὐτοὶ ἐνδιαφέρονται περισσότερον διὰ τὴν ἀποδοτικότητα παρὰ διὰ τὴν ἰδεολογίαν. Ἡ νέα γενεὰ τῶν στελεχῶν ἐμορφώθη εἰς τὰ σοβιετικὰ πανεπιστήμια καὶ γνωρίζει τὰς ἀνάγκας τῆς συγχρόνου βιομηχανίας. Παρὰ ταῦτα, τὸ κόμμα διατηρεῖ τὸν ἔλεγχον ἐπὶ ὅλων τῶν τομέων τῆς ζωῆς. Αἱ μεταβολαὶ εἶναι περισσότερον μεταβολαὶ μεθόδων παρὰ οὐσίας. Ὁ Δυτικὸς κόσμος ὀφείλει νὰ ἀντιληφθῇ αὐτὴν τὴν διάκρισιν διὰ νὰ μὴ πέσῃ θῦμα αὐταπατῶν. Ἡ Σοβιετικὴ Ἕνωσις παραμένει κομμουνιστικὸν κράτος.
Καὶ ὅμως, ὁ Στάλιν παρεδέχετο ὅτι ἡ σοσιαλιστικὴ κοινωνία δύναται νὰ ἀναπτυχθῇ ἐπὶ πολλὰς δεκαετίας χωρὶς νὰ φθάσῃ εἰς τὸν κομμουνισμόν. Οἱ διάδοχοί του ἐπαναλαμβάνουν τὴν θέσιν αὐτὴν ἀλλὰ μὲ διαφορετικὴν ἔμφασιν. Ἡ βελτίωσις τοῦ βιοτικοῦ ἐπιπέδου τοῦ λαοῦ ἔχει καταστῇ ἐπίσημος στόχος. Αἱ ὑποσχέσεις διὰ περισσότερα τρόφιμα, καλύτερα ἐνδύματα καὶ περισσοτέρας κατοικίας ἐπαναλαμβάνονται εἰς κάθε λόγον τῶν ἡγετῶν. Ἡ πραγματοποίησις ὅμως τῶν ὑποσχέσεων αὐτῶν προσκρούει εἰς τὰς ἀνάγκας τοῦ ἐξοπλισμοῦ. Ἡ Σοβιετικὴ Ἕνωσις δὲν δύναται νὰ διαθέσῃ συγχρόνως τεράστια ποσὰ διὰ τὴν ἄμυναν καὶ διὰ τὴν κατανάλωσιν. Αὐτὴ ἡ ἀντίφασις ἐξηγεῖ τὴν ἐπιθυμίαν διὰ ὕφεσιν.
νάτων διὰ τὸν ἐκπαιδευμένον ἐργάτην. Ἡ ἀνταγωνιστικότης μεταξὺ τῶν ἐργοστασίων ἐνθαρρύνεται καὶ τὰ πριμ παραγωγικότητος αὐξάνονται. Αὐτὰ ὅμως δὲν σημαίνουν ἐπιστροφὴν εἰς τὸν καπιταλισμόν. Ἡ κρατικὴ ἰδιοκτησία τῶν μέσων παραγωγῆς παραμένει ἡ βάσις τοῦ συστήματος. Ἡ ἀλλαγὴ ἀφορᾷ μόνον τὰς μεθόδους διοικήσεως. Εἰς τὸν πολιτικὸν τομέα ἡ ἐλευθερία τῆς κριτικῆς ἐπετράπη μόνον ἐντὸς τῶν ὁρίων ποὺ καθορίζει τὸ κόμμα. Οἱ συγγραφεῖς καὶ οἱ καλλιτέχναι ἔχουν περισσοτέραν ἐλευθερίαν ἀπὸ ὅ,τι ἐπὶ Στάλιν, ἀλλὰ ἡ λογοκρισία ἐξακολουθεῖ νὰ ὑφίσταται. Ἡ «ἀπόψυξις» εἶναι περιωρισμένη.
δέν, ἡ ὑποδοχὴ τῆς ἀνακαλύψεως τοῦ νέου κόσμου ἀπὸ τὴν ἐπίσημον Ρωσίαν καὶ ἡ ἐπίσκεψις τῶν ἡγετῶν εἰς τὴν Ἰνδίαν καὶ τὴν Βιρμανίαν δείχνουν ὅτι ἡ Μόσχα ἐπιδιώκει νὰ ἐπεκτείνῃ τὴν ἐπιρροήν της εἰς τὴν Ἀσίαν. Ἡ ἐπίσκεψις εἰς τὸ Βελιγράδιον καὶ ἡ συμφιλίωσις μὲ τὸν Τίτο ἀπετέλεσαν τὴν πρώτην ἐκδήλωσιν τῆς νέας πολιτικῆς. Οἱ νέοι ἡγέται ἀνεγνώρισαν ὅτι ὑπάρχουν διάφοροι δρόμοι πρὸς τὸν σοσιαλισμόν. Αὐτὸ ἀπετέλεσε σημαντικὴν παραχώρησιν. Εἰς τὴν Εὐρώπην ἡ πολιτικὴ τῆς ὑφέσεως ἐκδηλώνεται διὰ τῆς ὑπογραφῆς τῆς αὐστριακῆς συνθήκης καὶ τῆς ἀποκαταστάσεως σχέσεων μὲ τὴν Δυτικὴν Γερμανίαν. Τὸ πνεῦμα τῆς Γενεύης ἐπικρατεῖ εἰς τὰς διεθνεῖς σχέσεις. Ἐρωτᾶται ὅμως ἐὰν αὐτὴ ἡ πολιτικὴ θὰ διαρκέσῃ. Ἡ ἀπάντησις ἐξαρτᾶται ἀπὸ τὴν ἐσωτερικὴν ἐξέλιξιν τῆς Σοβιετικῆς Ἑνώσεως. Ἐὰν οἱ ρεφορμισταὶ ἐπικρατήσουν, ἡ ὕφεσις θὰ συνεχισθῇ. Ἐὰν ὅμως ἐπικρατήσουν οἱ ὀρθόδοξοι, ἡ ψυχρὰ ἀντιπαράθεσις θὰ ἐπανέλθῃ. Τὸ μέλλον θὰ δείξῃ ποία τάσις θὰ ὑπερισχύσῃ. Ἐκεῖνο ποὺ εἶναι βέβαιον εἶναι ὅτι ἡ Ρωσία τοῦ 1955 δὲν εἶναι πλέον ἡ Ρωσία τοῦ 1950.
ΦΡΑΝΣΟΥΑ ΦΕΣΤΟ
